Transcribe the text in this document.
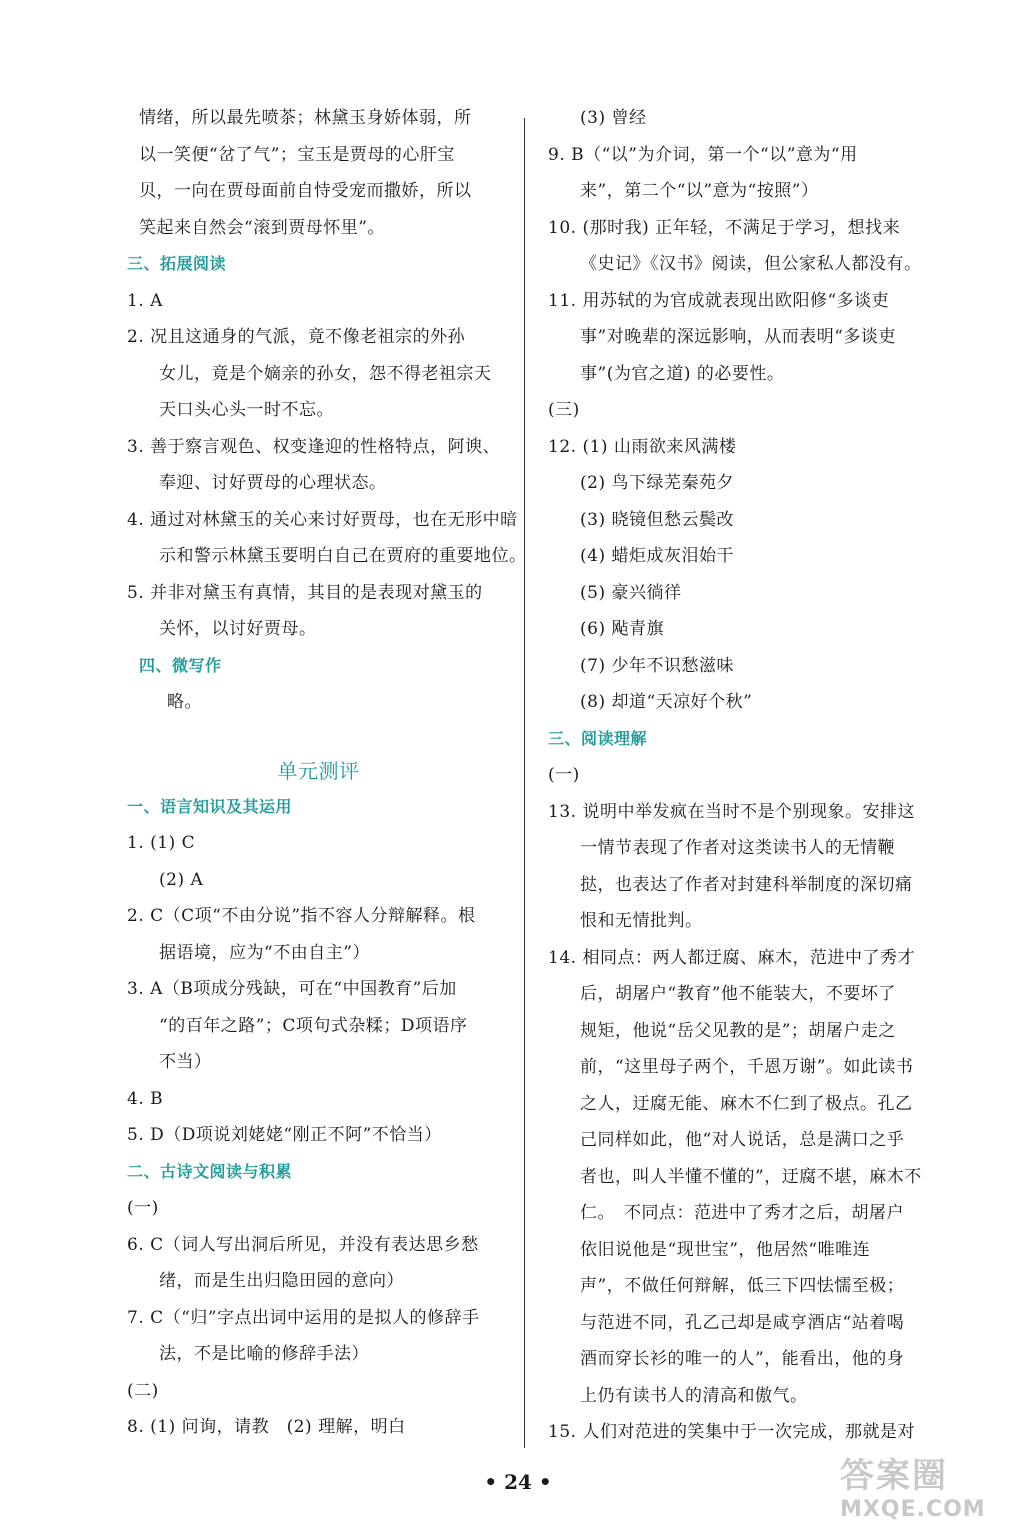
情绪，所以最先喷茶；林黛玉身娇体弱，所
以一笑便“岔了气”；宝玉是贾母的心肝宝
贝，一向在贾母面前自恃受宠而撒娇，所以
笑起来自然会“滚到贾母怀里”。
三、拓展阅读
1. A
2. 况且这通身的气派，竟不像老祖宗的外孙
女儿，竟是个嫡亲的孙女，怨不得老祖宗天
天口头心头一时不忘。
3. 善于察言观色、权变逢迎的性格特点，阿谀、
奉迎、讨好贾母的心理状态。
4. 通过对林黛玉的关心来讨好贾母，也在无形中暗
示和警示林黛玉要明白自己在贾府的重要地位。
5. 并非对黛玉有真情，其目的是表现对黛玉的
关怀，以讨好贾母。
四、微写作
略。
单元测评
一、语言知识及其运用
1. (1) C
(2) A
2. C（C项“不由分说”指不容人分辩解释。根
据语境，应为“不由自主”）
3. A（B项成分残缺，可在“中国教育”后加
“的百年之路”；C项句式杂糅；D项语序
不当）
4. B
5. D（D项说刘姥姥“刚正不阿”不恰当）
二、古诗文阅读与积累
(一)
6. C（词人写出洞后所见，并没有表达思乡愁
绪，而是生出归隐田园的意向）
7. C（“归”字点出词中运用的是拟人的修辞手
法，不是比喻的修辞手法）
(二)
8. (1) 问询，请教　(2) 理解，明白
(3) 曾经
9. B（“以”为介词，第一个“以”意为“用
来”，第二个“以”意为“按照”）
10. (那时我) 正年轻，不满足于学习，想找来
《史记》《汉书》阅读，但公家私人都没有。
11. 用苏轼的为官成就表现出欧阳修“多谈吏
事”对晚辈的深远影响，从而表明“多谈吏
事”(为官之道) 的必要性。
(三)
12. (1) 山雨欲来风满楼
(2) 鸟下绿芜秦苑夕
(3) 晓镜但愁云鬓改
(4) 蜡炬成灰泪始干
(5) 豪兴徜徉
(6) 飐青旗
(7) 少年不识愁滋味
(8) 却道“天凉好个秋”
三、阅读理解
(一)
13. 说明中举发疯在当时不是个别现象。安排这
一情节表现了作者对这类读书人的无情鞭
挞，也表达了作者对封建科举制度的深切痛
恨和无情批判。
14. 相同点：两人都迂腐、麻木，范进中了秀才
后，胡屠户“教育”他不能装大，不要坏了
规矩，他说“岳父见教的是”；胡屠户走之
前，“这里母子两个，千恩万谢”。如此读书
之人，迂腐无能、麻木不仁到了极点。孔乙
己同样如此，他“对人说话，总是满口之乎
者也，叫人半懂不懂的”，迂腐不堪，麻木不
仁。　不同点：范进中了秀才之后，胡屠户
依旧说他是“现世宝”，他居然“唯唯连
声”，不做任何辩解，低三下四怯懦至极；
与范进不同，孔乙己却是咸亨酒店“站着喝
酒而穿长衫的唯一的人”，能看出，他的身
上仍有读书人的清高和傲气。
15. 人们对范进的笑集中于一次完成，那就是对
• 24 •	答案圈
MXQE.COM
